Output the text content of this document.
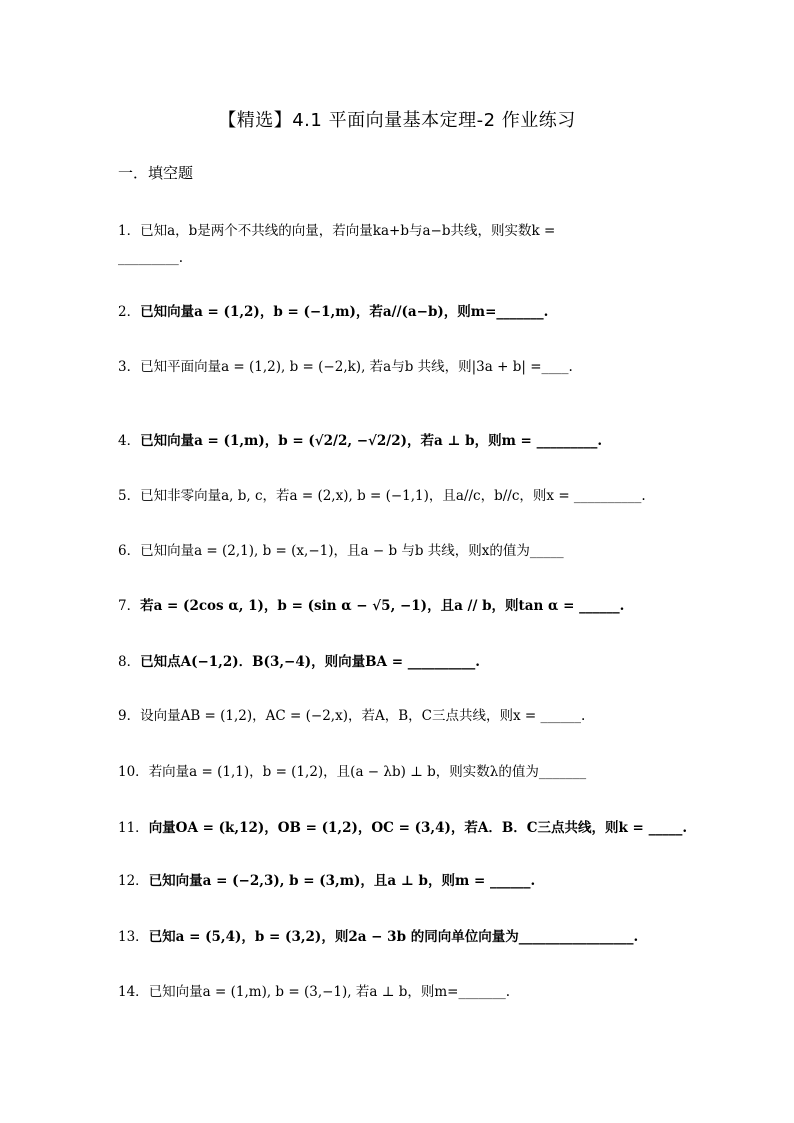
【精选】4.1 平面向量基本定理-2 作业练习
一．填空题
1．已知a，b是两个不共线的向量，若向量ka+b与a−b共线，则实数k =
_________.
2．已知向量a = (1,2)，b = (−1,m)，若a//(a−b)，则m=_______.
3．已知平面向量a = (1,2), b = (−2,k), 若a与b 共线，则|3a + b| =____.
4．已知向量a = (1,m)，b = (√2/2, −√2/2)，若a ⊥ b，则m = _________.
5．已知非零向量a, b, c，若a = (2,x), b = (−1,1)，且a//c，b//c，则x = __________.
6．已知向量a = (2,1), b = (x,−1)，且a − b 与b 共线，则x的值为_____
7．若a = (2cos α, 1)，b = (sin α − √5, −1)，且a // b，则tan α = ______.
8．已知点A(−1,2)．B(3,−4)，则向量BA = __________.
9．设向量AB = (1,2)，AC = (−2,x)，若A，B，C三点共线，则x = ______.
10．若向量a = (1,1)，b = (1,2)，且(a − λb) ⊥ b，则实数λ的值为_______
11．向量OA = (k,12)，OB = (1,2)，OC = (3,4)，若A．B．C三点共线，则k = _____.
12．已知向量a = (−2,3), b = (3,m)，且a ⊥ b，则m = ______.
13．已知a = (5,4)，b = (3,2)，则2a − 3b 的同向单位向量为_________________.
14．已知向量a = (1,m), b = (3,−1), 若a ⊥ b，则m=_______.
